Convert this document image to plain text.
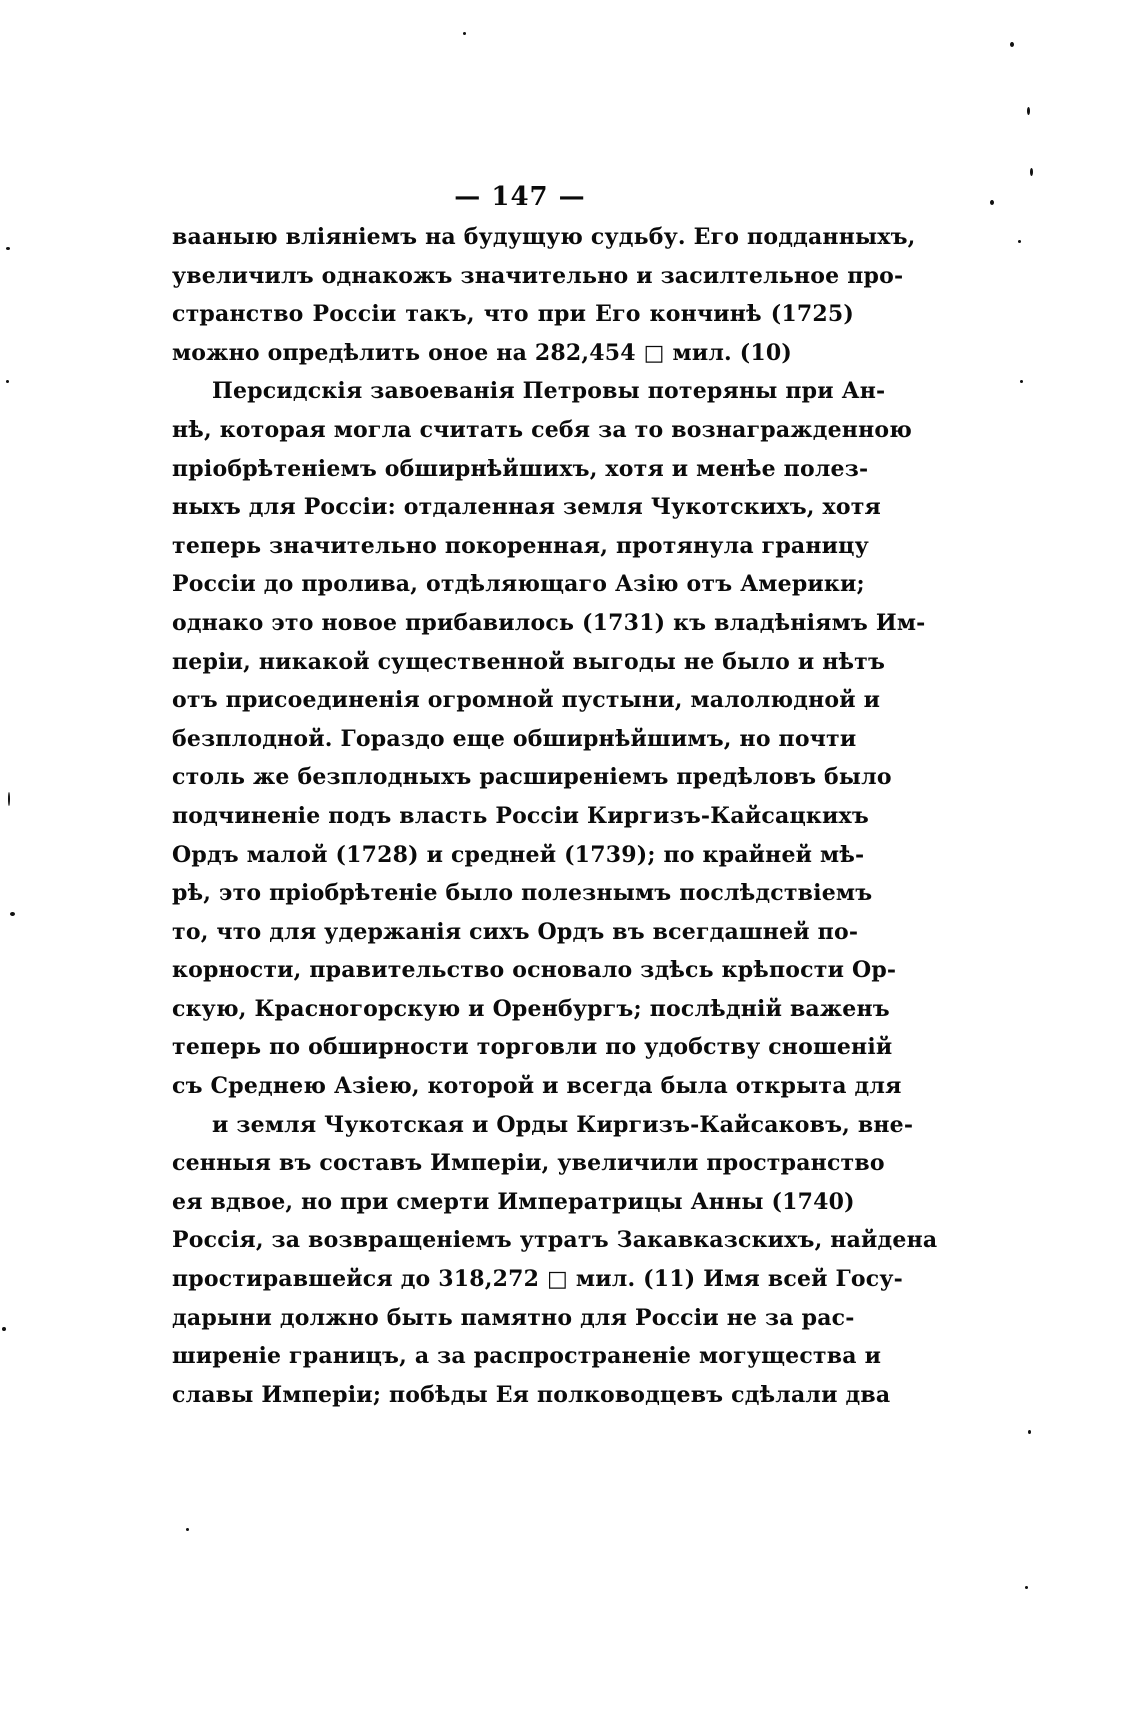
— 147 —
вааныю вліяніемъ на будущую судьбу. Его подданныхъ,
увеличилъ однакожъ значительно и засилтельное про-
странство Россіи такъ, что при Его кончинѣ (1725)
можно опредѣлить оное на 282,454 □ мил. (10)
Персидскія завоеванія Петровы потеряны при Ан-
нѣ, которая могла считать себя за то вознагражденною
пріобрѣтеніемъ обширнѣйшихъ, хотя и менѣе полез-
ныхъ для Россіи: отдаленная земля Чукотскихъ, хотя
теперь значительно покоренная, протянула границу
Россіи до пролива, отдѣляющаго Азію отъ Америки;
однако это новое прибавилось (1731) къ владѣніямъ Им-
періи, никакой существенной выгоды не было и нѣтъ
отъ присоединенія огромной пустыни, малолюдной и
безплодной. Гораздо еще обширнѣйшимъ, но почти
столь же безплодныхъ расширеніемъ предѣловъ было
подчиненіе подъ власть Россіи Киргизъ-Кайсацкихъ
Ордъ малой (1728) и средней (1739); по крайней мѣ-
рѣ, это пріобрѣтеніе было полезнымъ послѣдствіемъ
то, что для удержанія сихъ Ордъ въ всегдашней по-
корности, правительство основало здѣсь крѣпости Ор-
скую, Красногорскую и Оренбургъ; послѣдній важенъ
теперь по обширности торговли по удобству сношеній
съ Среднею Азіею, которой и всегда была открыта для
и земля Чукотская и Орды Киргизъ-Кайсаковъ, вне-
сенныя въ составъ Имперіи, увеличили пространство
ея вдвое, но при смерти Императрицы Анны (1740)
Россія, за возвращеніемъ утратъ Закавказскихъ, найдена
простиравшейся до 318,272 □ мил. (11) Имя всей Госу-
дарыни должно быть памятно для Россіи не за рас-
ширеніе границъ, а за распространеніе могущества и
славы Имперіи; побѣды Ея полководцевъ сдѣлали два
